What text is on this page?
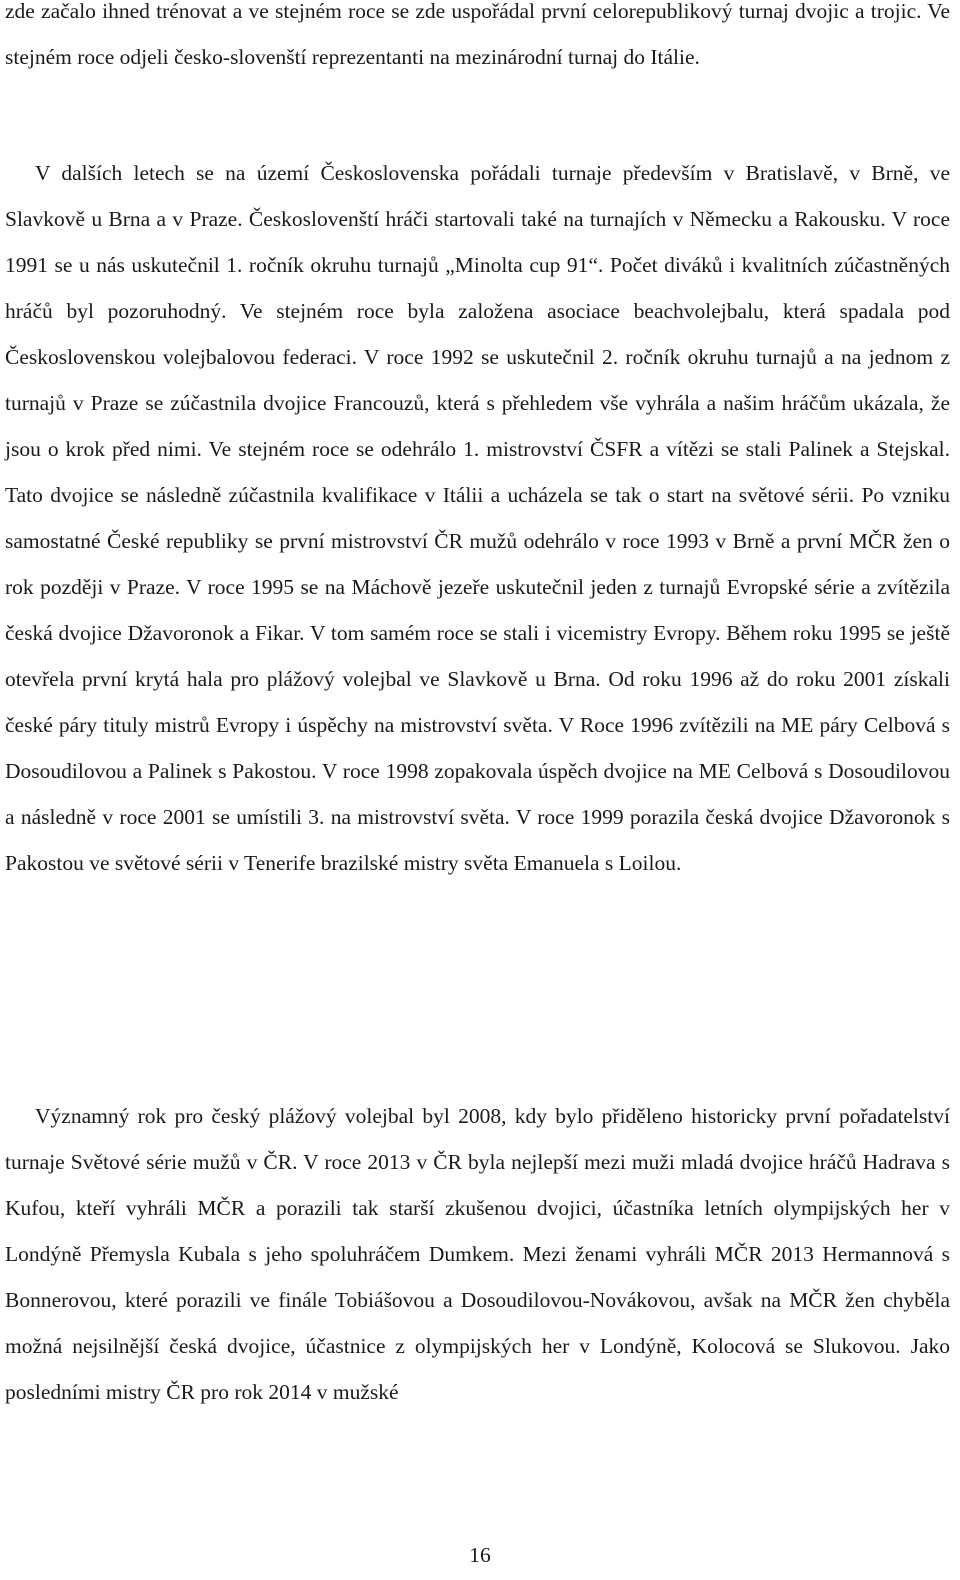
zde začalo ihned trénovat a ve stejném roce se zde uspořádal první celorepublikový turnaj dvojic a trojic. Ve stejném roce odjeli česko-slovenští reprezentanti na mezinárodní turnaj do Itálie.

V dalších letech se na území Československa pořádali turnaje především v Bratislavě, v Brně, ve Slavkově u Brna a v Praze. Českoslovenští hráči startovali také na turnajích v Německu a Rakousku. V roce 1991 se u nás uskutečnil 1. ročník okruhu turnajů „Minolta cup 91“. Počet diváků i kvalitních zúčastněných hráčů byl pozoruhodný. Ve stejném roce byla založena asociace beachvolejbalu, která spadala pod Československou volejbalovou federaci. V roce 1992 se uskutečnil 2. ročník okruhu turnajů a na jednom z turnajů v Praze se zúčastnila dvojice Francouzů, která s přehledem vše vyhrála a našim hráčům ukázala, že jsou o krok před nimi. Ve stejném roce se odehrálo 1. mistrovství ČSFR a vítězi se stali Palinek a Stejskal. Tato dvojice se následně zúčastnila kvalifikace v Itálii a ucházela se tak o start na světové sérii. Po vzniku samostatné České republiky se první mistrovství ČR mužů odehrálo v roce 1993 v Brně a první MČR žen o rok později v Praze. V roce 1995 se na Máchově jezeře uskutečnil jeden z turnajů Evropské série a zvítězila česká dvojice Džavoronok a Fikar. V tom samém roce se stali i vicemistry Evropy. Během roku 1995 se ještě otevřela první krytá hala pro plážový volejbal ve Slavkově u Brna. Od roku 1996 až do roku 2001 získali české páry tituly mistrů Evropy i úspěchy na mistrovství světa. V Roce 1996 zvítězili na ME páry Celbová s Dosoudilovou a Palinek s Pakostou. V roce 1998 zopakovala úspěch dvojice na ME Celbová s Dosoudilovou a následně v roce 2001 se umístili 3. na mistrovství světa. V roce 1999 porazila česká dvojice Džavoronok s Pakostou ve světové sérii v Tenerife brazilské mistry světa Emanuela s Loilou.

Významný rok pro český plážový volejbal byl 2008, kdy bylo přiděleno historicky první pořadatelství turnaje Světové série mužů v ČR. V roce 2013 v ČR byla nejlepší mezi muži mladá dvojice hráčů Hadrava s Kufou, kteří vyhráli MČR a porazili tak starší zkušenou dvojici, účastníka letních olympijských her v Londýně Přemysla Kubala s jeho spoluhráčem Dumkem. Mezi ženami vyhráli MČR 2013 Hermannová s Bonnerovou, které porazili ve finále Tobiášovou a Dosoudilovou-Novákovou, avšak na MČR žen chyběla možná nejsilnější česká dvojice, účastnice z olympijských her v Londýně, Kolocová se Slukovou. Jako posledními mistry ČR pro rok 2014 v mužské

16
